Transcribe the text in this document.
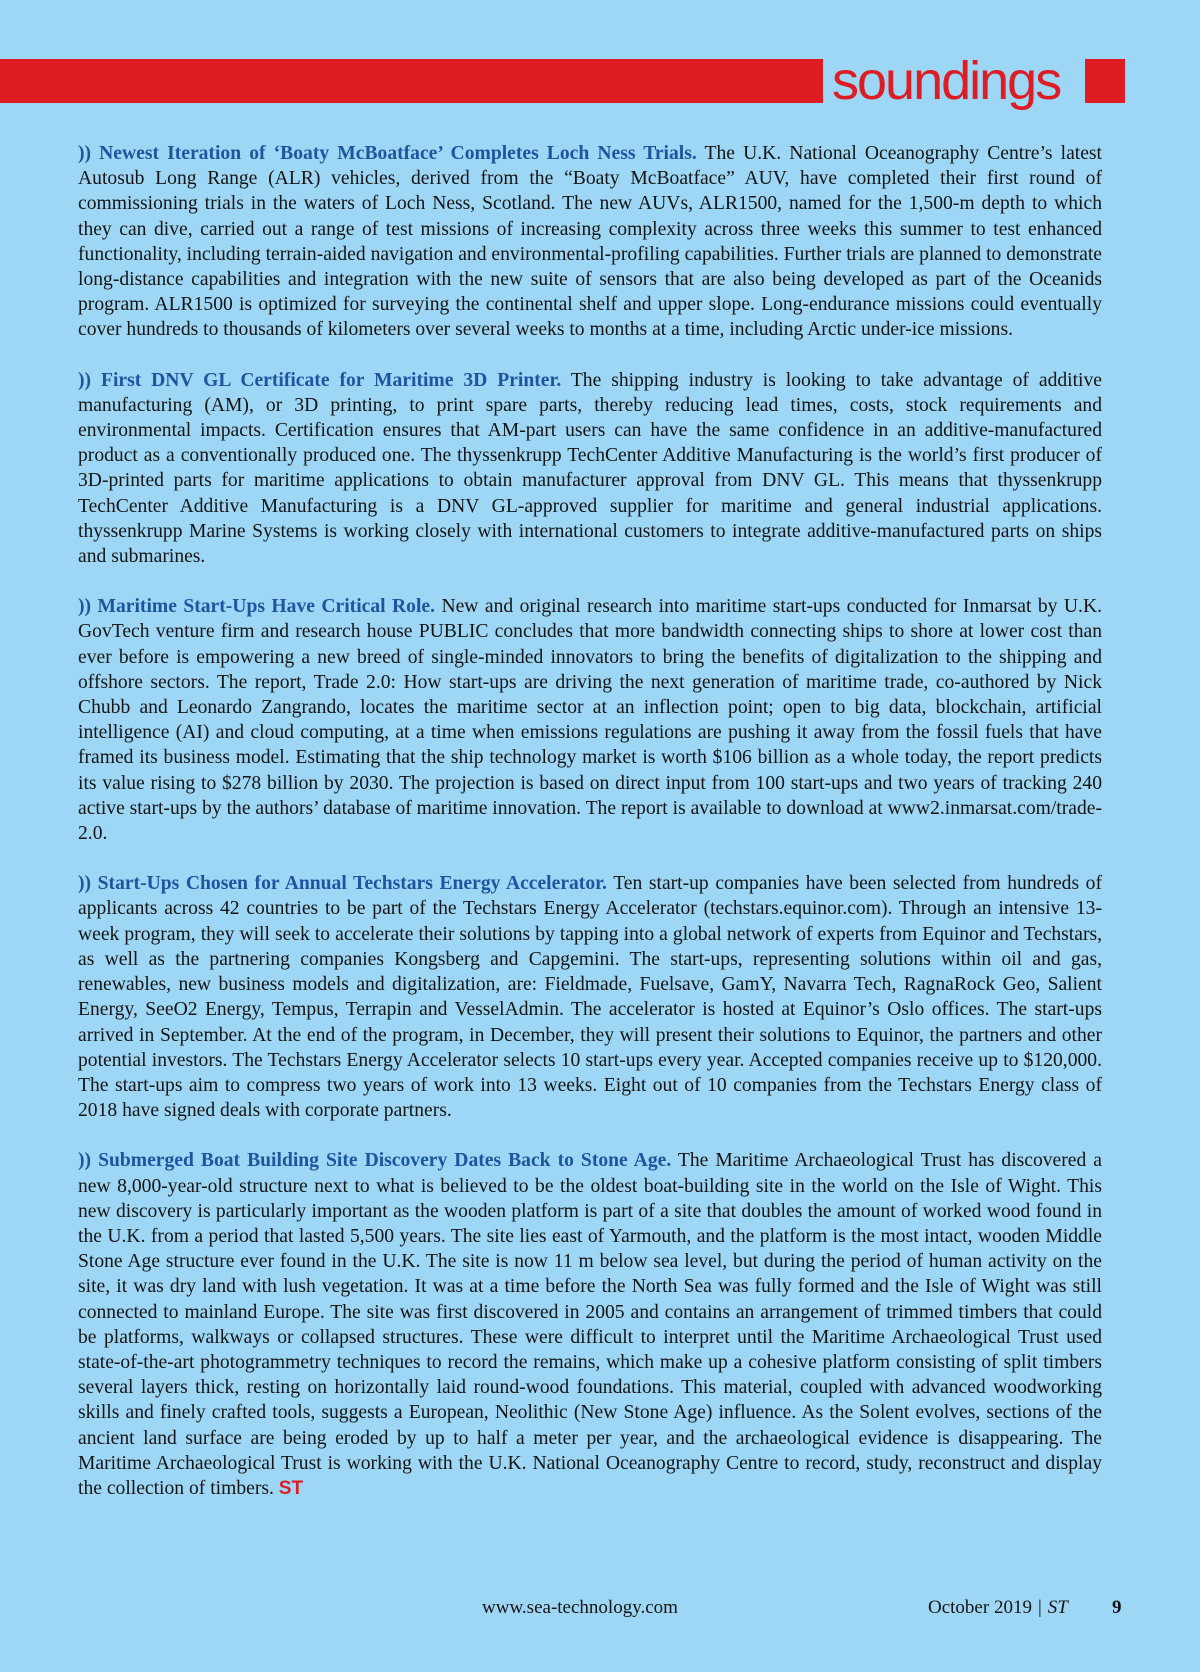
soundings

)) Newest Iteration of ‘Boaty McBoatface’ Completes Loch Ness Trials. The U.K. National Oceanography Centre’s latest Autosub Long Range (ALR) vehicles, derived from the “Boaty McBoatface” AUV, have completed their first round of commissioning trials in the waters of Loch Ness, Scotland. The new AUVs, ALR1500, named for the 1,500-m depth to which they can dive, carried out a range of test missions of increasing complexity across three weeks this summer to test enhanced functionality, including terrain-aided navigation and environmental-profiling capabilities. Further trials are planned to demonstrate long-distance capabilities and integration with the new suite of sensors that are also being developed as part of the Oceanids program. ALR1500 is optimized for surveying the continental shelf and upper slope. Long-endurance missions could eventually cover hundreds to thousands of kilometers over several weeks to months at a time, including Arctic under-ice missions.

)) First DNV GL Certificate for Maritime 3D Printer. The shipping industry is looking to take advantage of additive manufacturing (AM), or 3D printing, to print spare parts, thereby reducing lead times, costs, stock requirements and environmental impacts. Certification ensures that AM-part users can have the same confidence in an additive-manufactured product as a conventionally produced one. The thyssenkrupp TechCenter Additive Manufacturing is the world’s first producer of 3D-printed parts for maritime applications to obtain manufacturer approval from DNV GL. This means that thyssenkrupp TechCenter Additive Manufacturing is a DNV GL-approved supplier for maritime and general industrial applications. thyssenkrupp Marine Systems is working closely with international customers to integrate additive-manufactured parts on ships and submarines.

)) Maritime Start-Ups Have Critical Role. New and original research into maritime start-ups conducted for Inmarsat by U.K. GovTech venture firm and research house PUBLIC concludes that more bandwidth connecting ships to shore at lower cost than ever before is empowering a new breed of single-minded innovators to bring the benefits of digitalization to the shipping and offshore sectors. The report, Trade 2.0: How start-ups are driving the next generation of maritime trade, co-authored by Nick Chubb and Leonardo Zangrando, locates the maritime sector at an inflection point; open to big data, blockchain, artificial intelligence (AI) and cloud computing, at a time when emissions regulations are pushing it away from the fossil fuels that have framed its business model. Estimating that the ship technology market is worth $106 billion as a whole today, the report predicts its value rising to $278 billion by 2030. The projection is based on direct input from 100 start-ups and two years of tracking 240 active start-ups by the authors’ database of maritime innovation. The report is available to download at www2.inmarsat.com/trade-2.0.

)) Start-Ups Chosen for Annual Techstars Energy Accelerator. Ten start-up companies have been selected from hundreds of applicants across 42 countries to be part of the Techstars Energy Accelerator (techstars.equinor.com). Through an intensive 13-week program, they will seek to accelerate their solutions by tapping into a global network of experts from Equinor and Techstars, as well as the partnering companies Kongsberg and Capgemini. The start-ups, representing solutions within oil and gas, renewables, new business models and digitalization, are: Fieldmade, Fuelsave, GamY, Navarra Tech, RagnaRock Geo, Salient Energy, SeeO2 Energy, Tempus, Terrapin and VesselAdmin. The accelerator is hosted at Equinor’s Oslo offices. The start-ups arrived in September. At the end of the program, in December, they will present their solutions to Equinor, the partners and other potential investors. The Techstars Energy Accelerator selects 10 start-ups every year. Accepted companies receive up to $120,000. The start-ups aim to compress two years of work into 13 weeks. Eight out of 10 companies from the Techstars Energy class of 2018 have signed deals with corporate partners.

)) Submerged Boat Building Site Discovery Dates Back to Stone Age. The Maritime Archaeological Trust has discovered a new 8,000-year-old structure next to what is believed to be the oldest boat-building site in the world on the Isle of Wight. This new discovery is particularly important as the wooden platform is part of a site that doubles the amount of worked wood found in the U.K. from a period that lasted 5,500 years. The site lies east of Yarmouth, and the platform is the most intact, wooden Middle Stone Age structure ever found in the U.K. The site is now 11 m below sea level, but during the period of human activity on the site, it was dry land with lush vegetation. It was at a time before the North Sea was fully formed and the Isle of Wight was still connected to mainland Europe. The site was first discovered in 2005 and contains an arrangement of trimmed timbers that could be platforms, walkways or collapsed structures. These were difficult to interpret until the Maritime Archaeological Trust used state-of-the-art photogrammetry techniques to record the remains, which make up a cohesive platform consisting of split timbers several layers thick, resting on horizontally laid round-wood foundations. This material, coupled with advanced woodworking skills and finely crafted tools, suggests a European, Neolithic (New Stone Age) influence. As the Solent evolves, sections of the ancient land surface are being eroded by up to half a meter per year, and the archaeological evidence is disappearing. The Maritime Archaeological Trust is working with the U.K. National Oceanography Centre to record, study, reconstruct and display the collection of timbers. ST

www.sea-technology.com	October 2019 | ST 9
